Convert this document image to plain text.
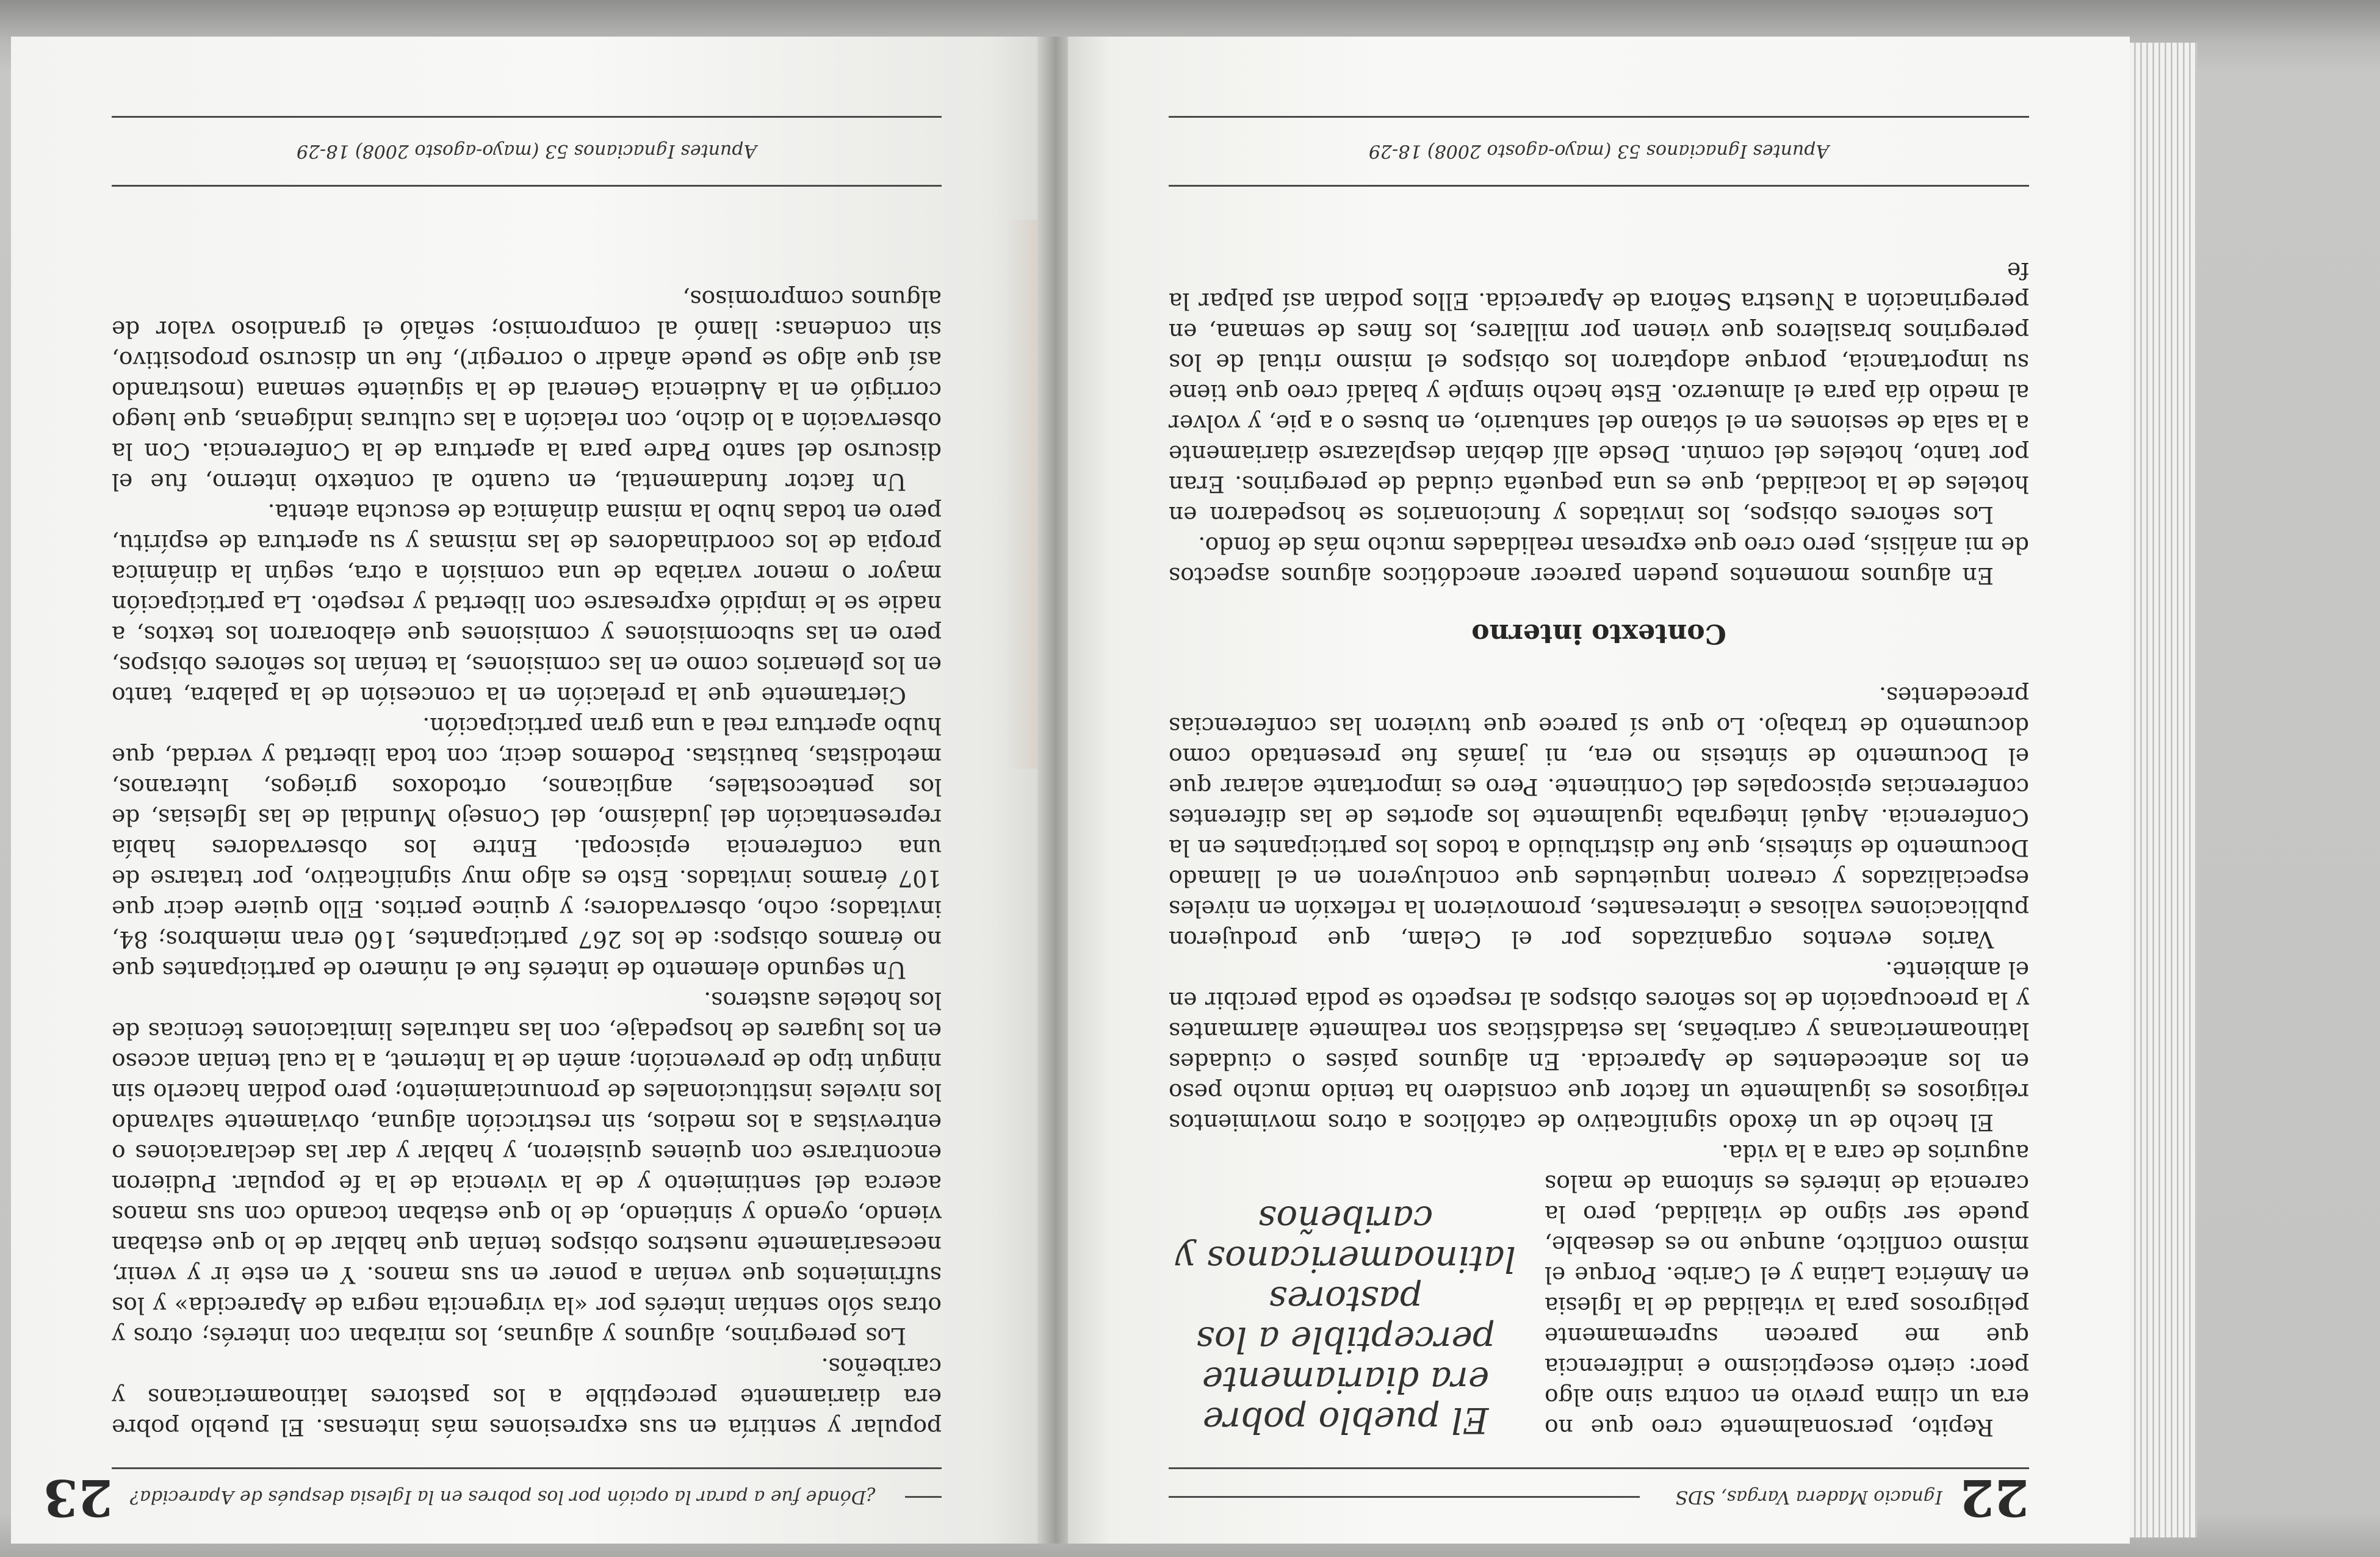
¿Dónde fue a parar la opción por los pobres en la Iglesia después de Aparecida?
23

popular y sentiría en sus expresiones más intensas. El pueblo pobre era diariamente perceptible a los pastores latinoamericanos y caribeños.

Los peregrinos, algunos y algunas, los miraban con interés; otros y otras sólo sentían interés por «la virgencita negra de Aparecida» y los sufrimientos que venían a poner en sus manos. Y en este ir y venir, necesariamente nuestros obispos tenían que hablar de lo que estaban viendo, oyendo y sintiendo, de lo que estaban tocando con sus manos acerca del sentimiento y de la vivencia de la fe popular. Pudieron encontrarse con quienes quisieron, y hablar y dar las declaraciones o entrevistas a los medios, sin restricción alguna, obviamente salvando los niveles institucionales de pronunciamiento; pero podían hacerlo sin ningún tipo de prevención; amén de la Internet, a la cual tenían acceso en los lugares de hospedaje, con las naturales limitaciones técnicas de los hoteles austeros.

Un segundo elemento de interés fue el número de participantes que no éramos obispos: de los 267 participantes, 160 eran miembros; 84, invitados; ocho, observadores; y quince peritos. Ello quiere decir que 107 éramos invitados. Esto es algo muy significativo, por tratarse de una conferencia episcopal. Entre los observadores había representación del judaísmo, del Consejo Mundial de las Iglesias, de los pentecostales, anglicanos, ortodoxos griegos, luteranos, metodistas, bautistas. Podemos decir, con toda libertad y verdad, que hubo apertura real a una gran participación.

Ciertamente que la prelación en la concesión de la palabra, tanto en los plenarios como en las comisiones, la tenían los señores obispos, pero en las subcomisiones y comisiones que elaboraron los textos, a nadie se le impidió expresarse con libertad y respeto. La participación mayor o menor variaba de una comisión a otra, según la dinámica propia de los coordinadores de las mismas y su apertura de espíritu, pero en todas hubo la misma dinámica de escucha atenta.

Un factor fundamental, en cuanto al contexto interno, fue el discurso del santo Padre para la apertura de la Conferencia. Con la observación a lo dicho, con relación a las culturas indígenas, que luego corrigió en la Audiencia General de la siguiente semana (mostrando así que algo se puede añadir o corregir), fue un discurso propositivo, sin condenas: llamó al compromiso; señaló el grandioso valor de algunos compromisos,

Apuntes Ignacianos 53 (mayo-agosto 2008) 18-29
22
Ignacio Madera Vargas, SDS
El pueblo pobre era diariamente perceptible a los pastores latinoamericanos y caribeños

Repito, personalmente creo que no era un clima previo en contra sino algo peor: cierto escepticismo e indiferencia que me parecen supremamente peligrosos para la vitalidad de la Iglesia en América Latina y el Caribe. Porque el mismo conflicto, aunque no es deseable, puede ser signo de vitalidad, pero la carencia de interés es síntoma de malos augurios de cara a la vida.

El hecho de un éxodo significativo de católicos a otros movimientos religiosos es igualmente un factor que considero ha tenido mucho peso en los antecedentes de Aparecida. En algunos países o ciudades latinoamericanas y caribeñas, las estadísticas son realmente alarmantes y la preocupación de los señores obispos al respecto se podía percibir en el ambiente.

Varios eventos organizados por el Celam, que produjeron publicaciones valiosas e interesantes, promovieron la reflexión en niveles especializados y crearon inquietudes que concluyeron en el llamado Documento de síntesis, que fue distribuido a todos los participantes en la Conferencia. Aquél integraba igualmente los aportes de las diferentes conferencias episcopales del Continente. Pero es importante aclarar que el Documento de síntesis no era, ni jamás fue presentado como documento de trabajo. Lo que sí parece que tuvieron las conferencias precedentes.

Contexto interno

En algunos momentos pueden parecer anecdóticos algunos aspectos de mi análisis, pero creo que expresan realidades mucho más de fondo.

Los señores obispos, los invitados y funcionarios se hospedaron en hoteles de la localidad, que es una pequeña ciudad de peregrinos. Eran por tanto, hoteles del común. Desde allí debían desplazarse diariamente a la sala de sesiones en el sótano del santuario, en buses o a pie, y volver al medio día para el almuerzo. Este hecho simple y baladí creo que tiene su importancia, porque adoptaron los obispos el mismo ritual de los peregrinos brasileros que vienen por millares, los fines de semana, en peregrinación a Nuestra Señora de Aparecida. Ellos podían así palpar la fe

Apuntes Ignacianos 53 (mayo-agosto 2008) 18-29
